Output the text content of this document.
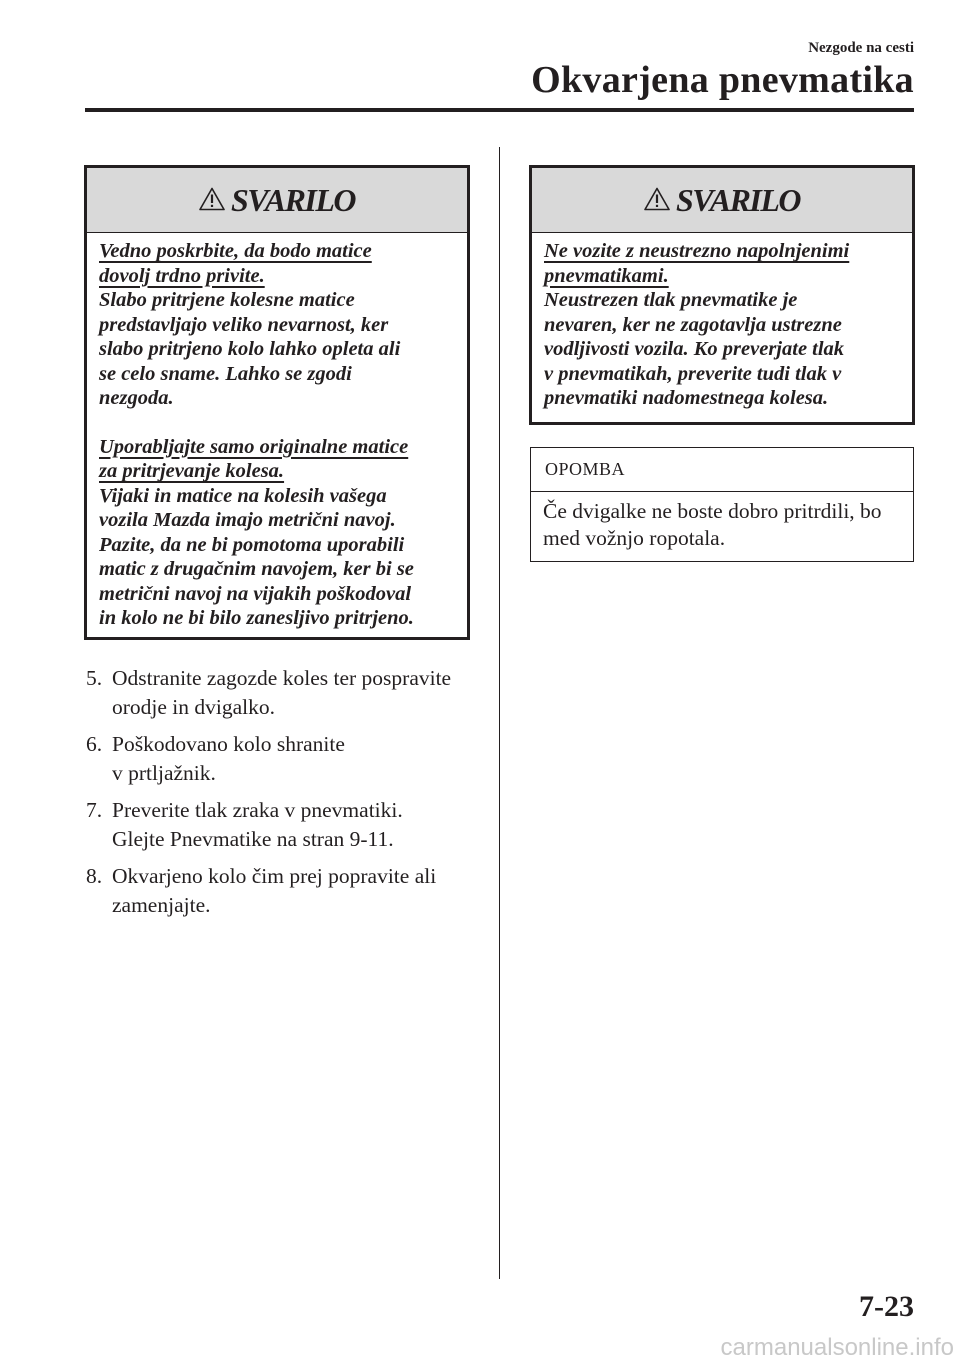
Nezgode na cesti
Okvarjena pnevmatika
SVARILO

Vedno poskrbite, da bodo matice

dovolj trdno privite.

Slabo pritrjene kolesne matice

predstavljajo veliko nevarnost, ker

slabo pritrjeno kolo lahko opleta ali

se celo sname. Lahko se zgodi

nezgoda.

Uporabljajte samo originalne matice

za pritrjevanje kolesa.

Vijaki in matice na kolesih vašega

vozila Mazda imajo metrični navoj.

Pazite, da ne bi pomotoma uporabili

matic z drugačnim navojem, ker bi se

metrični navoj na vijakih poškodoval

in kolo ne bi bilo zanesljivo pritrjeno.

5. Odstranite zagozde koles ter pospravite
orodje in dvigalko.
6. Poškodovano kolo shranite
v prtljažnik.
7. Preverite tlak zraka v pnevmatiki.
Glejte Pnevmatike na stran 9-11.
8. Okvarjeno kolo čim prej popravite ali
zamenjajte.
SVARILO

Ne vozite z neustrezno napolnjenimi

pnevmatikami.

Neustrezen tlak pnevmatike je

nevaren, ker ne zagotavlja ustrezne

vodljivosti vozila. Ko preverjate tlak

v pnevmatikah, preverite tudi tlak v

pnevmatiki nadomestnega kolesa.

OPOMBA
Če dvigalke ne boste dobro pritrdili, bo
med vožnjo ropotala.
7-23
carmanualsonline.info
